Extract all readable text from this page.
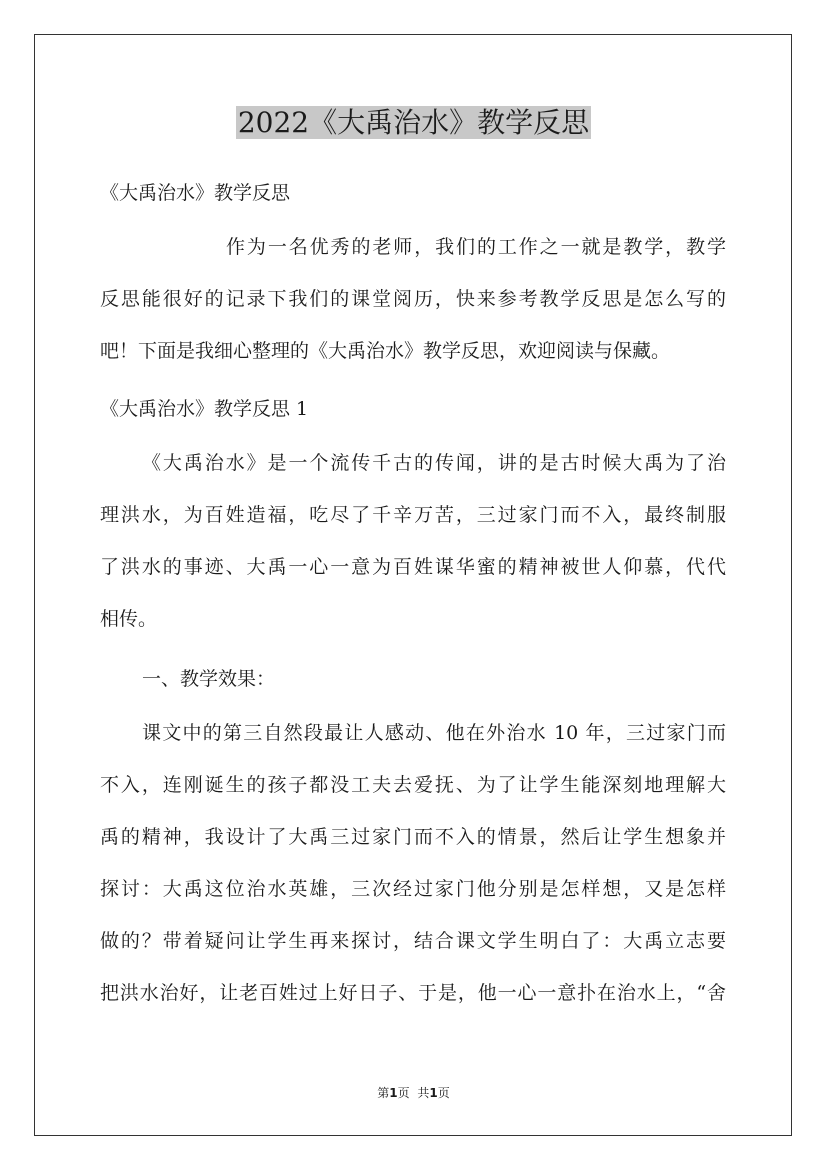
2022《大禹治水》教学反思
《大禹治水》教学反思
作为一名优秀的老师，我们的工作之一就是教学，教学
反思能很好的记录下我们的课堂阅历，快来参考教学反思是怎么写的
吧！下面是我细心整理的《大禹治水》教学反思，欢迎阅读与保藏。
《大禹治水》教学反思 1
《大禹治水》是一个流传千古的传闻，讲的是古时候大禹为了治
理洪水，为百姓造福，吃尽了千辛万苦，三过家门而不入，最终制服
了洪水的事迹、大禹一心一意为百姓谋华蜜的精神被世人仰慕，代代
相传。
一、教学效果：
课文中的第三自然段最让人感动、他在外治水 10 年，三过家门而
不入，连刚诞生的孩子都没工夫去爱抚、为了让学生能深刻地理解大
禹的精神，我设计了大禹三过家门而不入的情景，然后让学生想象并
探讨：大禹这位治水英雄，三次经过家门他分别是怎样想，又是怎样
做的？带着疑问让学生再来探讨，结合课文学生明白了：大禹立志要
把洪水治好，让老百姓过上好日子、于是，他一心一意扑在治水上，“舍
第1页 共1页
